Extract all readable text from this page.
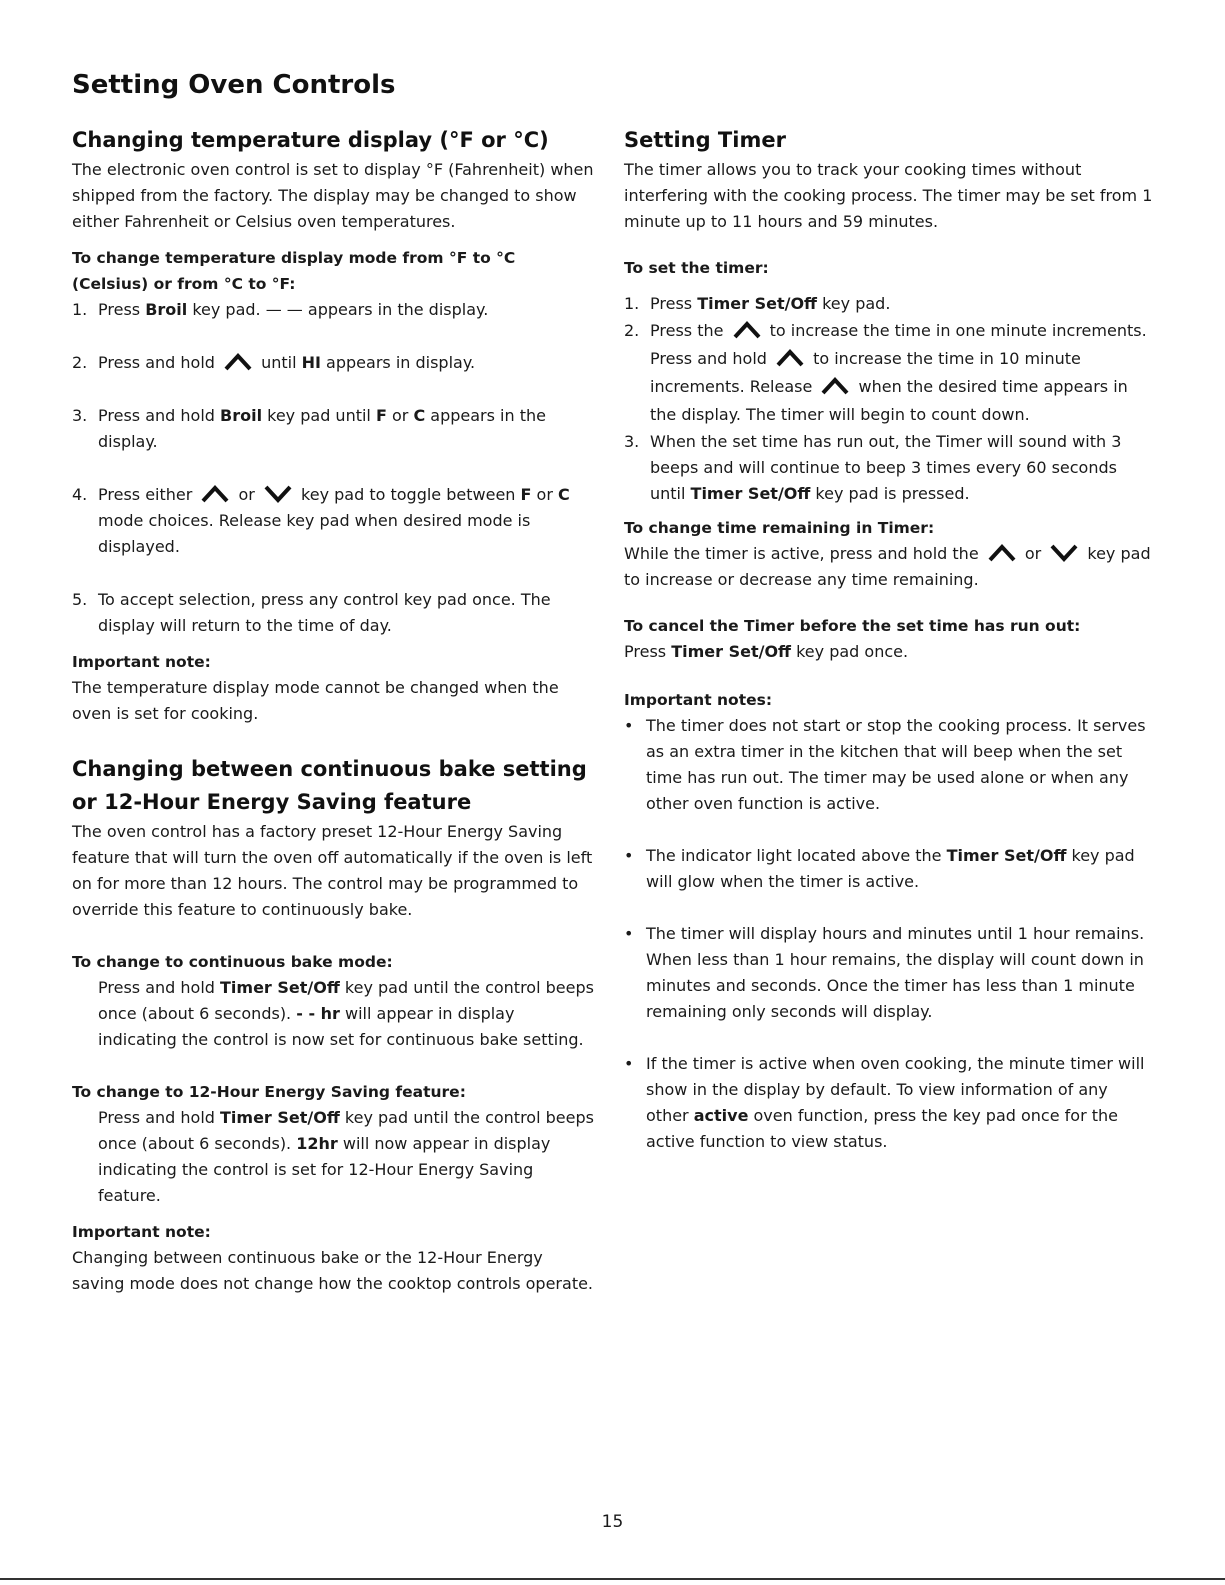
Setting Oven Controls
Changing temperature display (°F or °C)

The electronic oven control is set to display °F (Fahrenheit) when shipped from the factory. The display may be changed to show either Fahrenheit or Celsius oven temperatures.

To change temperature display mode from °F to °C (Celsius) or from °C to °F:

1. Press Broil key pad. — — appears in the display.
2. Press and hold
until HI appears in display.
3. Press and hold Broil key pad until F or C appears in the display.
4. Press either
or
key pad to toggle between F or C mode choices. Release key pad when desired mode is displayed.
5. To accept selection, press any control key pad once. The display will return to the time of day.

Important note:

The temperature display mode cannot be changed when the oven is set for cooking.

Changing between continuous bake setting or 12-Hour Energy Saving feature

The oven control has a factory preset 12-Hour Energy Saving feature that will turn the oven off automatically if the oven is left on for more than 12 hours. The control may be programmed to override this feature to continuously bake.

To change to continuous bake mode:

Press and hold Timer Set/Off key pad until the control beeps once (about 6 seconds). - - hr will appear in display indicating the control is now set for continuous bake setting.

To change to 12-Hour Energy Saving feature:

Press and hold Timer Set/Off key pad until the control beeps once (about 6 seconds). 12hr will now appear in display indicating the control is set for 12-Hour Energy Saving feature.

Important note:

Changing between continuous bake or the 12-Hour Energy saving mode does not change how the cooktop controls operate.

Setting Timer

The timer allows you to track your cooking times without interfering with the cooking process. The timer may be set from 1 minute up to 11 hours and 59 minutes.

To set the timer:

1. Press Timer Set/Off key pad.
2. Press the
to increase the time in one minute increments. Press and hold
to increase the time in 10 minute increments. Release
when the desired time appears in the display. The timer will begin to count down.
3. When the set time has run out, the Timer will sound with 3 beeps and will continue to beep 3 times every 60 seconds until Timer Set/Off key pad is pressed.

To change time remaining in Timer:

While the timer is active, press and hold the
or
key pad to increase or decrease any time remaining.

To cancel the Timer before the set time has run out:

Press Timer Set/Off key pad once.

Important notes:

• The timer does not start or stop the cooking process. It serves as an extra timer in the kitchen that will beep when the set time has run out. The timer may be used alone or when any other oven function is active.
• The indicator light located above the Timer Set/Off key pad will glow when the timer is active.
• The timer will display hours and minutes until 1 hour remains. When less than 1 hour remains, the display will count down in minutes and seconds. Once the timer has less than 1 minute remaining only seconds will display.
• If the timer is active when oven cooking, the minute timer will show in the display by default. To view information of any other active oven function, press the key pad once for the active function to view status.
15
